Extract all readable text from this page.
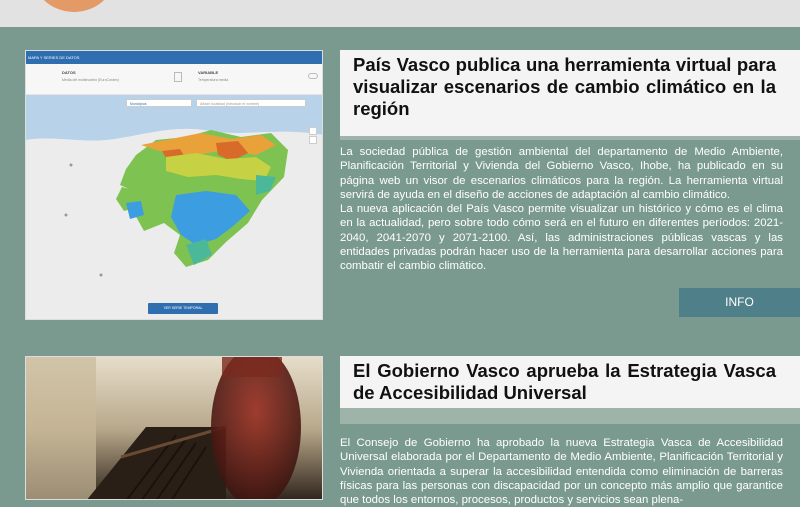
MAPA Y SERIES DE DATOS
DATOS
Media del multimodelo (EuroCordex)
VARIABLE
Temperatura media
Municipios	Añadir localidad (introducir el nombre)
VER SERIE TEMPORAL
País Vasco publica una herramienta virtual para visualizar escenarios de cambio climático en la región

La sociedad pública de gestión ambiental del departamento de Medio Ambiente, Planificación Territorial y Vivienda del Gobierno Vasco, Ihobe, ha publicado en su página web un visor de escenarios climáticos para la región. La herramienta virtual servirá de ayuda en el diseño de acciones de adaptación al cambio climático.

La nueva aplicación del País Vasco permite visualizar un histórico y cómo es el clima en la actualidad, pero sobre todo cómo será en el futuro en diferentes períodos: 2021-2040, 2041-2070 y 2071-2100. Así, las administraciones públicas vascas y las entidades privadas podrán hacer uso de la herramienta para desarrollar acciones para combatir el cambio climático.

INFO
El Gobierno Vasco aprueba la Estrategia Vasca de Accesibilidad Universal

El Consejo de Gobierno ha aprobado la nueva Estrategia Vasca de Accesibilidad Universal elaborada por el Departamento de Medio Ambiente, Planificación Territorial y Vivienda orientada a superar la accesibilidad entendida como eliminación de barreras físicas para las personas con discapacidad por un concepto más amplio que garantice que todos los entornos, procesos, productos y servicios sean plena-
